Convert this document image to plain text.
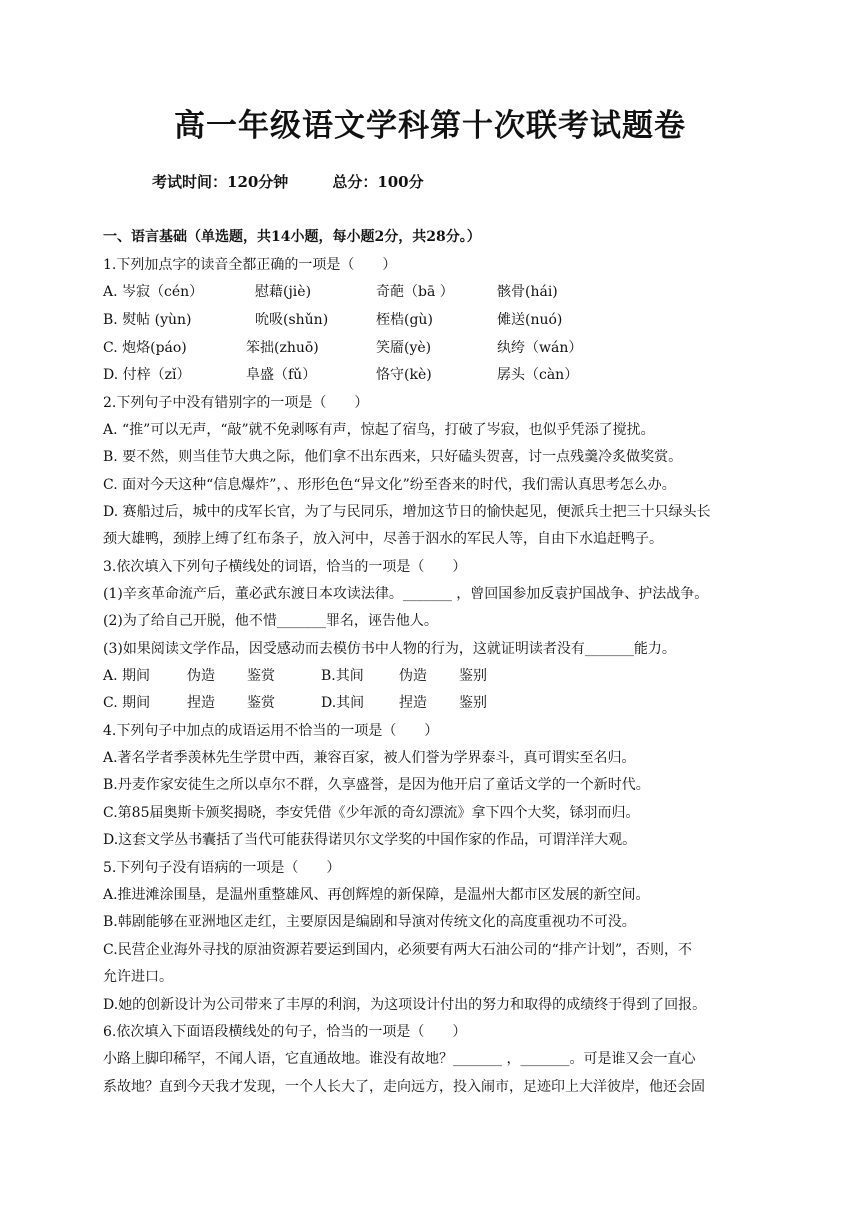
高一年级语文学科第十次联考试题卷
考试时间：120分钟	总分：100分
一、语言基础（单选题，共14小题，每小题2分，共28分。）
1.下列加点字的读音全都正确的一项是（　　）
A. 岑寂（cén）	慰藉(jiè)	奇葩（bā ）	骸骨(hái)
B. 熨帖 (yùn)	吮吸(shǔn)	桎梏(gù)	傩送(nuó)
C. 炮烙(páo)	笨拙(zhuō)	笑靥(yè)	纨绔（wán）
D. 付梓（zǐ）	阜盛（fǔ）	恪守(kè)	孱头（càn）
2.下列句子中没有错别字的一项是（　　）
A. “推”可以无声，“敲”就不免剥啄有声，惊起了宿鸟，打破了岑寂，也似乎凭添了搅扰。
B. 要不然，则当佳节大典之际，他们拿不出东西来，只好磕头贺喜，讨一点残羹冷炙做奖赏。
C. 面对今天这种“信息爆炸”，、形形色色“异文化”纷至沓来的时代，我们需认真思考怎么办。
D. 赛船过后，城中的戌军长官，为了与民同乐，增加这节日的愉快起见，便派兵士把三十只绿头长
颈大雄鸭，颈脖上缚了红布条子，放入河中，尽善于泅水的军民人等，自由下水追赶鸭子。
3.依次填入下列句子横线处的词语，恰当的一项是（　　）
(1)辛亥革命流产后，董必武东渡日本攻读法律。_______ ，曾回国参加反袁护国战争、护法战争。
(2)为了给自己开脱，他不惜_______罪名，诬告他人。
(3)如果阅读文学作品，因受感动而去模仿书中人物的行为，这就证明读者没有_______能力。
A. 期间	伪造 鉴赏	B.其间	伪造 鉴别
C. 期间	捏造 鉴赏	D.其间 捏造 鉴别
4.下列句子中加点的成语运用不恰当的一项是（　　）
A.著名学者季羡林先生学贯中西，兼容百家，被人们誉为学界泰斗，真可谓实至名归。
B.丹麦作家安徒生之所以卓尔不群，久享盛誉，是因为他开启了童话文学的一个新时代。
C.第85届奥斯卡颁奖揭晓，李安凭借《少年派的奇幻漂流》拿下四个大奖，铩羽而归。
D.这套文学丛书囊括了当代可能获得诺贝尔文学奖的中国作家的作品，可谓洋洋大观。
5.下列句子没有语病的一项是（　　）
A.推进滩涂围垦，是温州重整雄风、再创辉煌的新保障，是温州大都市区发展的新空间。
B.韩剧能够在亚洲地区走红，主要原因是编剧和导演对传统文化的高度重视功不可没。
C.民营企业海外寻找的原油资源若要运到国内，必须要有两大石油公司的“排产计划”，否则，不
允许进口。
D.她的创新设计为公司带来了丰厚的利润，为这项设计付出的努力和取得的成绩终于得到了回报。
6.依次填入下面语段横线处的句子，恰当的一项是（　　）
小路上脚印稀罕，不闻人语，它直通故地。谁没有故地？_______ ，_______。可是谁又会一直心
系故地？直到今天我才发现，一个人长大了，走向远方，投入闹市，足迹印上大洋彼岸，他还会固
